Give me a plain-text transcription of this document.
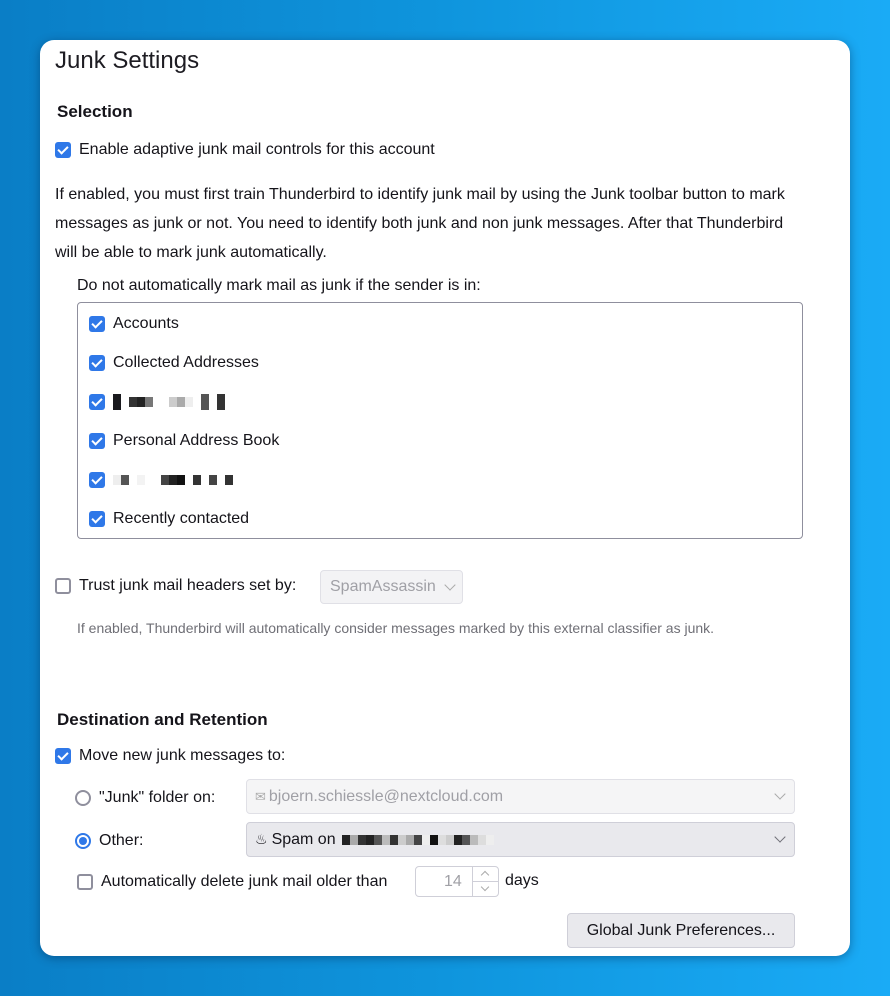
Junk Settings
Selection
Enable adaptive junk mail controls for this account
If enabled, you must first train Thunderbird to identify junk mail by using the Junk toolbar button to mark messages as junk or not. You need to identify both junk and non junk messages. After that Thunderbird will be able to mark junk automatically.
Do not automatically mark mail as junk if the sender is in:
Accounts
Collected Addresses
Personal Address Book
Recently contacted
Trust junk mail headers set by: SpamAssassin
If enabled, Thunderbird will automatically consider messages marked by this external classifier as junk.
Destination and Retention
Move new junk messages to:
"Junk" folder on:	✉ bjoern.schiessle@nextcloud.com
Other:	♨ Spam on
Automatically delete junk mail older than	14	days
Global Junk Preferences...
